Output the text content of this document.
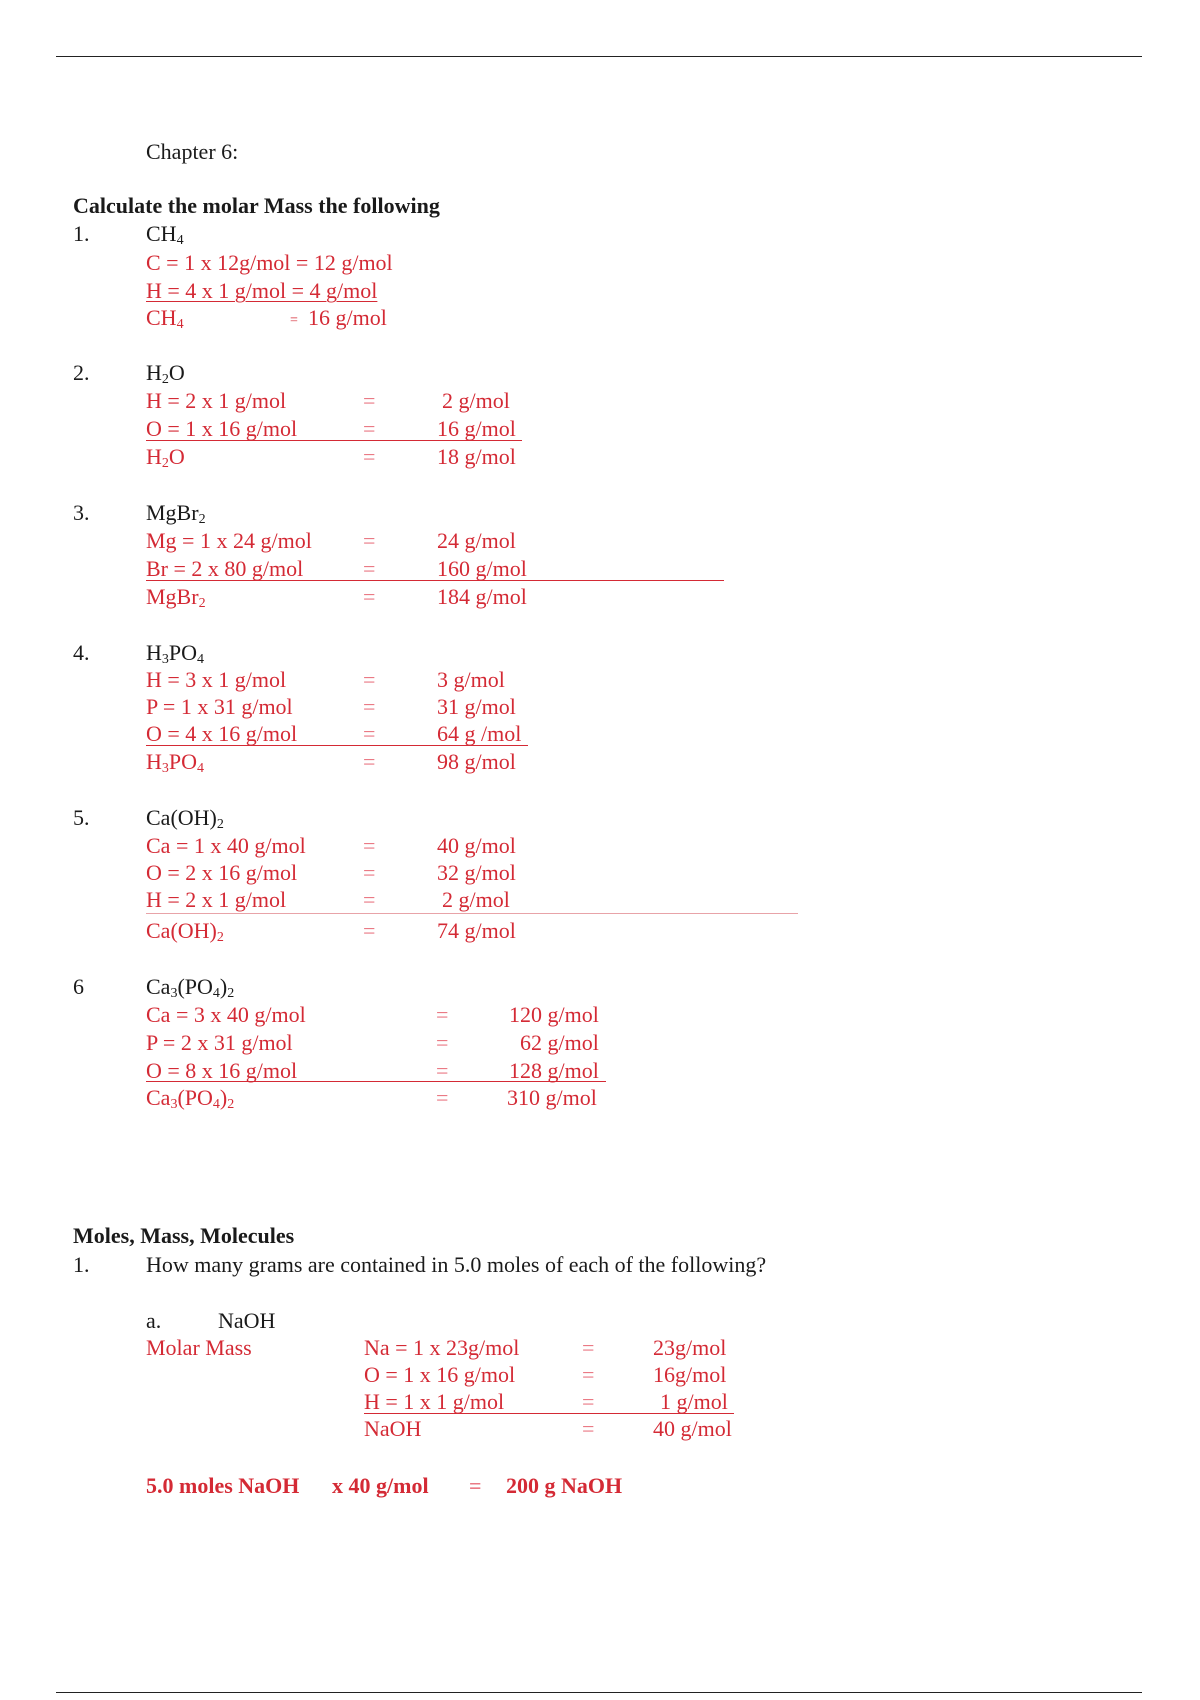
Chapter 6:
Calculate the molar Mass the following
1.	$CH_4$
C = 1 x 12g/mol = 12 g/mol
H = 4 x 1 g/mol = 4 g/mol
$CH_4$	= 16 g/mol
2.	$H_2O$
H = 2 x 1 g/mol	=	2 g/mol
O = 1 x 16 g/mol	=	16 g/mol
$H_2O$	=	18 g/mol
3.	MgBr$_2$
Mg = 1 x 24 g/mol =	24 g/mol
Br = 2 x 80 g/mol	=	160 g/mol
MgBr$_2$	=	184 g/mol
4.	$H_3PO_4$
H = 3 x 1 g/mol	=	3 g/mol
P = 1 x 31 g/mol	=	31 g/mol
O = 4 x 16 g/mol	=	64 g /mol
$H_3PO_4$	=	98 g/mol
5.	$Ca(OH)_2$
Ca = 1 x 40 g/mol	=	40 g/mol
O = 2 x 16 g/mol	=	32 g/mol
H = 2 x 1 g/mol	=	2 g/mol
$Ca(OH)_2$	=	74 g/mol
6	$Ca_3(PO_4)_2$
Ca = 3 x 40 g/mol	=	120 g/mol
P = 2 x 31 g/mol	=	62 g/mol
O = 8 x 16 g/mol	=	128 g/mol
$Ca_3(PO_4)_2$	=	310 g/mol
Moles, Mass, Molecules
1.	How many grams are contained in 5.0 moles of each of the following?
a.	NaOH
Molar Mass	Na = 1 x 23g/mol	=	23g/mol
O = 1 x 16 g/mol	=	16g/mol
H = 1 x 1 g/mol	=	1 g/mol
NaOH	=	40 g/mol
5.0 moles NaOH x 40 g/mol = 200 g NaOH
